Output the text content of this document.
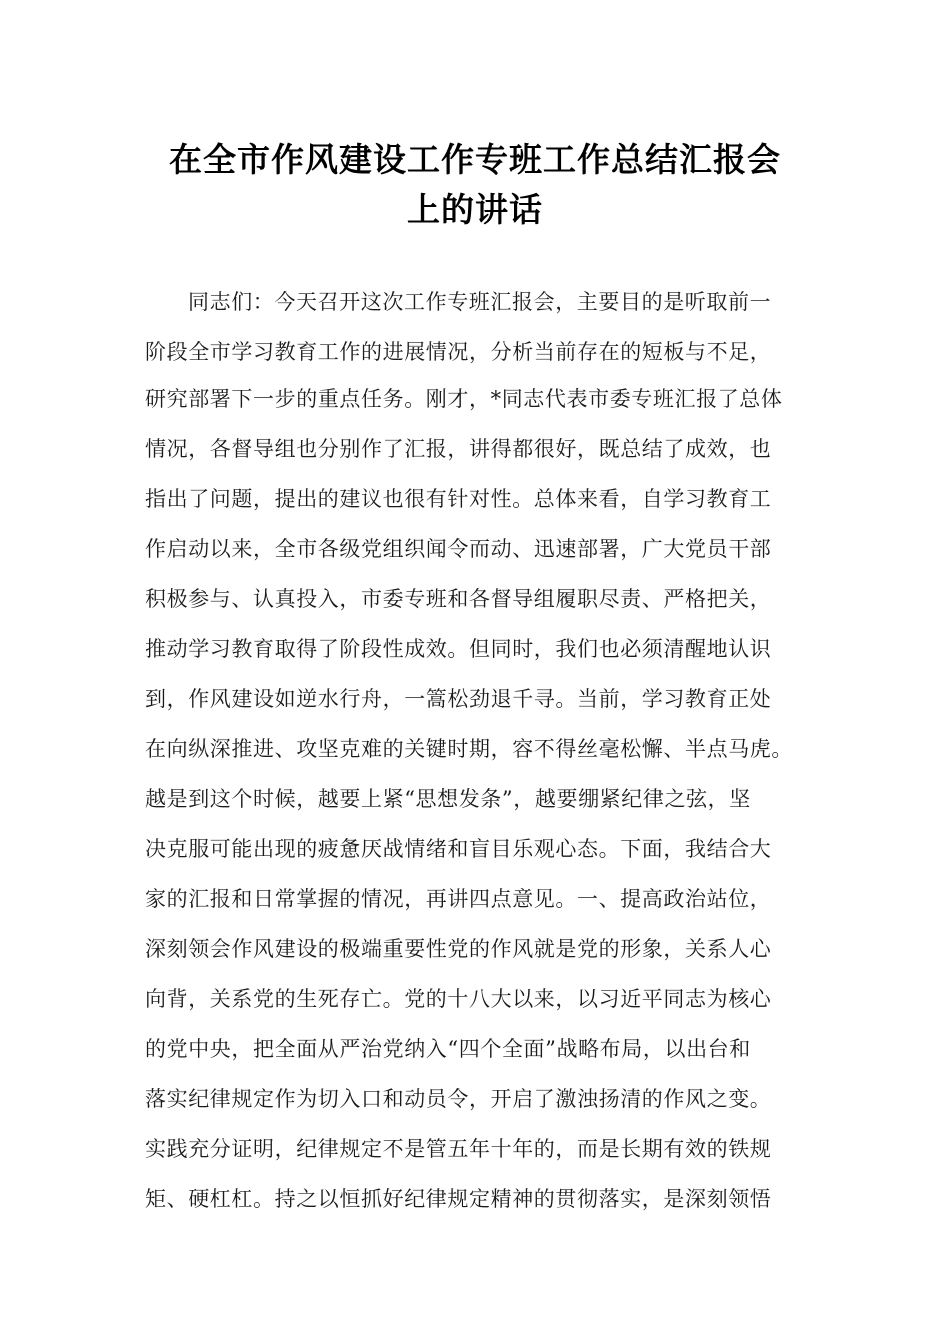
在全市作风建设工作专班工作总结汇报会
上的讲话
同志们：今天召开这次工作专班汇报会，主要目的是听取前一
阶段全市学习教育工作的进展情况，分析当前存在的短板与不足，
研究部署下一步的重点任务。刚才，*同志代表市委专班汇报了总体
情况，各督导组也分别作了汇报，讲得都很好，既总结了成效，也
指出了问题，提出的建议也很有针对性。总体来看，自学习教育工
作启动以来，全市各级党组织闻令而动、迅速部署，广大党员干部
积极参与、认真投入，市委专班和各督导组履职尽责、严格把关，
推动学习教育取得了阶段性成效。但同时，我们也必须清醒地认识
到，作风建设如逆水行舟，一篙松劲退千寻。当前，学习教育正处
在向纵深推进、攻坚克难的关键时期，容不得丝毫松懈、半点马虎。
越是到这个时候，越要上紧“思想发条”，越要绷紧纪律之弦，坚
决克服可能出现的疲惫厌战情绪和盲目乐观心态。下面，我结合大
家的汇报和日常掌握的情况，再讲四点意见。一、提高政治站位，
深刻领会作风建设的极端重要性党的作风就是党的形象，关系人心
向背，关系党的生死存亡。党的十八大以来，以习近平同志为核心
的党中央，把全面从严治党纳入“四个全面”战略布局，以出台和
落实纪律规定作为切入口和动员令，开启了激浊扬清的作风之变。
实践充分证明，纪律规定不是管五年十年的，而是长期有效的铁规
矩、硬杠杠。持之以恒抓好纪律规定精神的贯彻落实，是深刻领悟
